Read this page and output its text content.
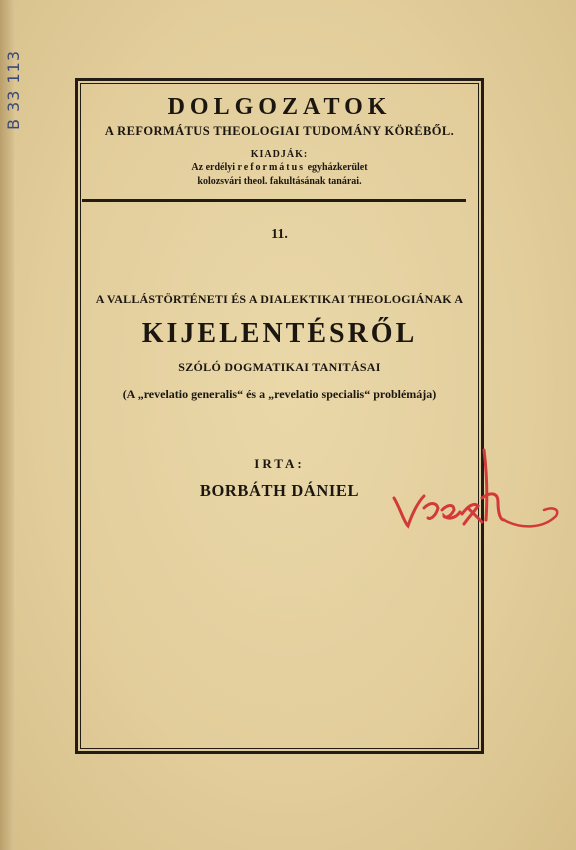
B 33 113	DOLGOZATOK
A REFORMÁTUS THEOLOGIAI TUDOMÁNY KÖRÉBŐL.
KIADJÁK:
Az erdélyi református egyházkerület
kolozsvári theol. fakultásának tanárai.
11.
A VALLÁSTÖRTÉNETI ÉS A DIALEKTIKAI THEOLOGIÁNAK A
KIJELENTÉSRŐL
SZÓLÓ DOGMATIKAI TANITÁSAI
(A „revelatio generalis“ és a „revelatio specialis“ problémája)
IRTA:
BORBÁTH DÁNIEL
